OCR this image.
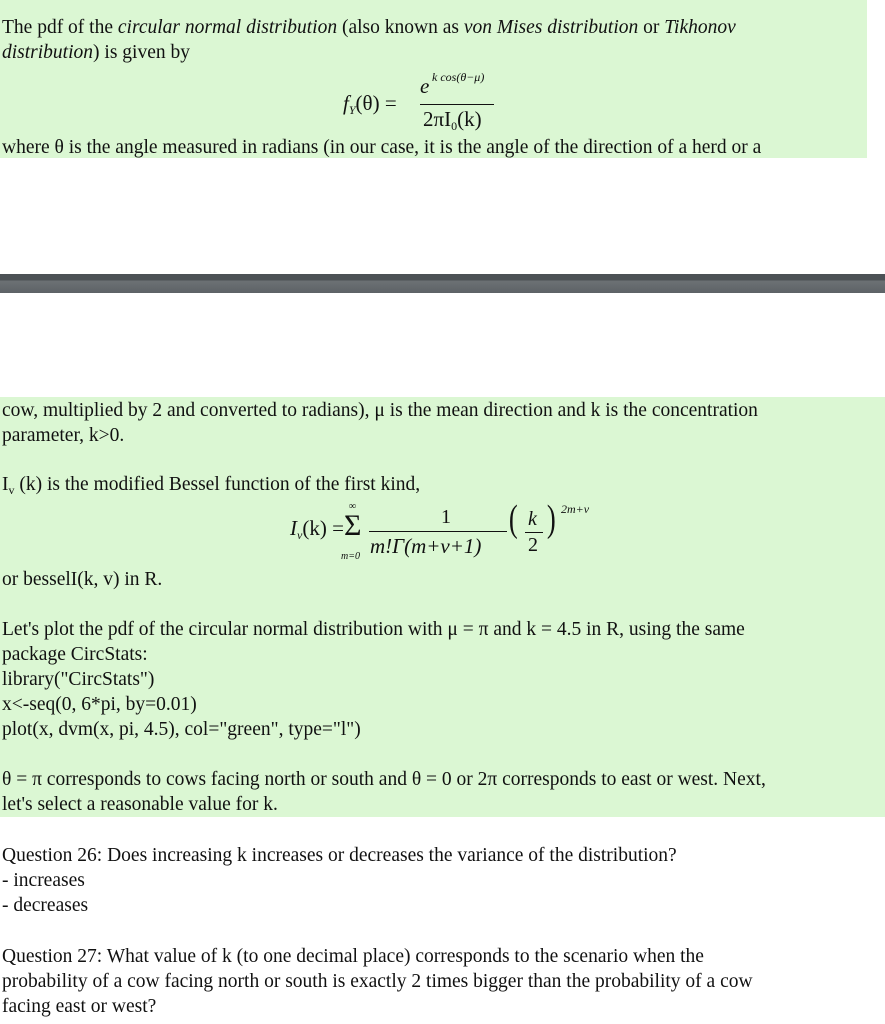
The pdf of the circular normal distribution (also known as von Mises distribution or Tikhonov
distribution) is given by
$f_Y(\theta)$ =
e k cos(θ−μ)
$2\pi I_0(k)$
where θ is the angle measured in radians (in our case, it is the angle of the direction of a herd or a
cow, multiplied by 2 and converted to radians), μ is the mean direction and k is the concentration
parameter, k>0.
$I_v$ (k) is the modified Bessel function of the first kind,
$I_v(k)$ =
∞
Σ
m=0
1
m!Γ(m+v+1)
( k
2
) 2m+v
or besselI(k, v) in R.
Let's plot the pdf of the circular normal distribution with μ = π and k = 4.5 in R, using the same
package CircStats:
library("CircStats")
x<-seq(0, 6*pi, by=0.01)
plot(x, dvm(x, pi, 4.5), col="green", type="l")
θ = π corresponds to cows facing north or south and θ = 0 or 2π corresponds to east or west. Next,
let's select a reasonable value for k.
Question 26: Does increasing k increases or decreases the variance of the distribution?
- increases
- decreases
Question 27: What value of k (to one decimal place) corresponds to the scenario when the
probability of a cow facing north or south is exactly 2 times bigger than the probability of a cow
facing east or west?
